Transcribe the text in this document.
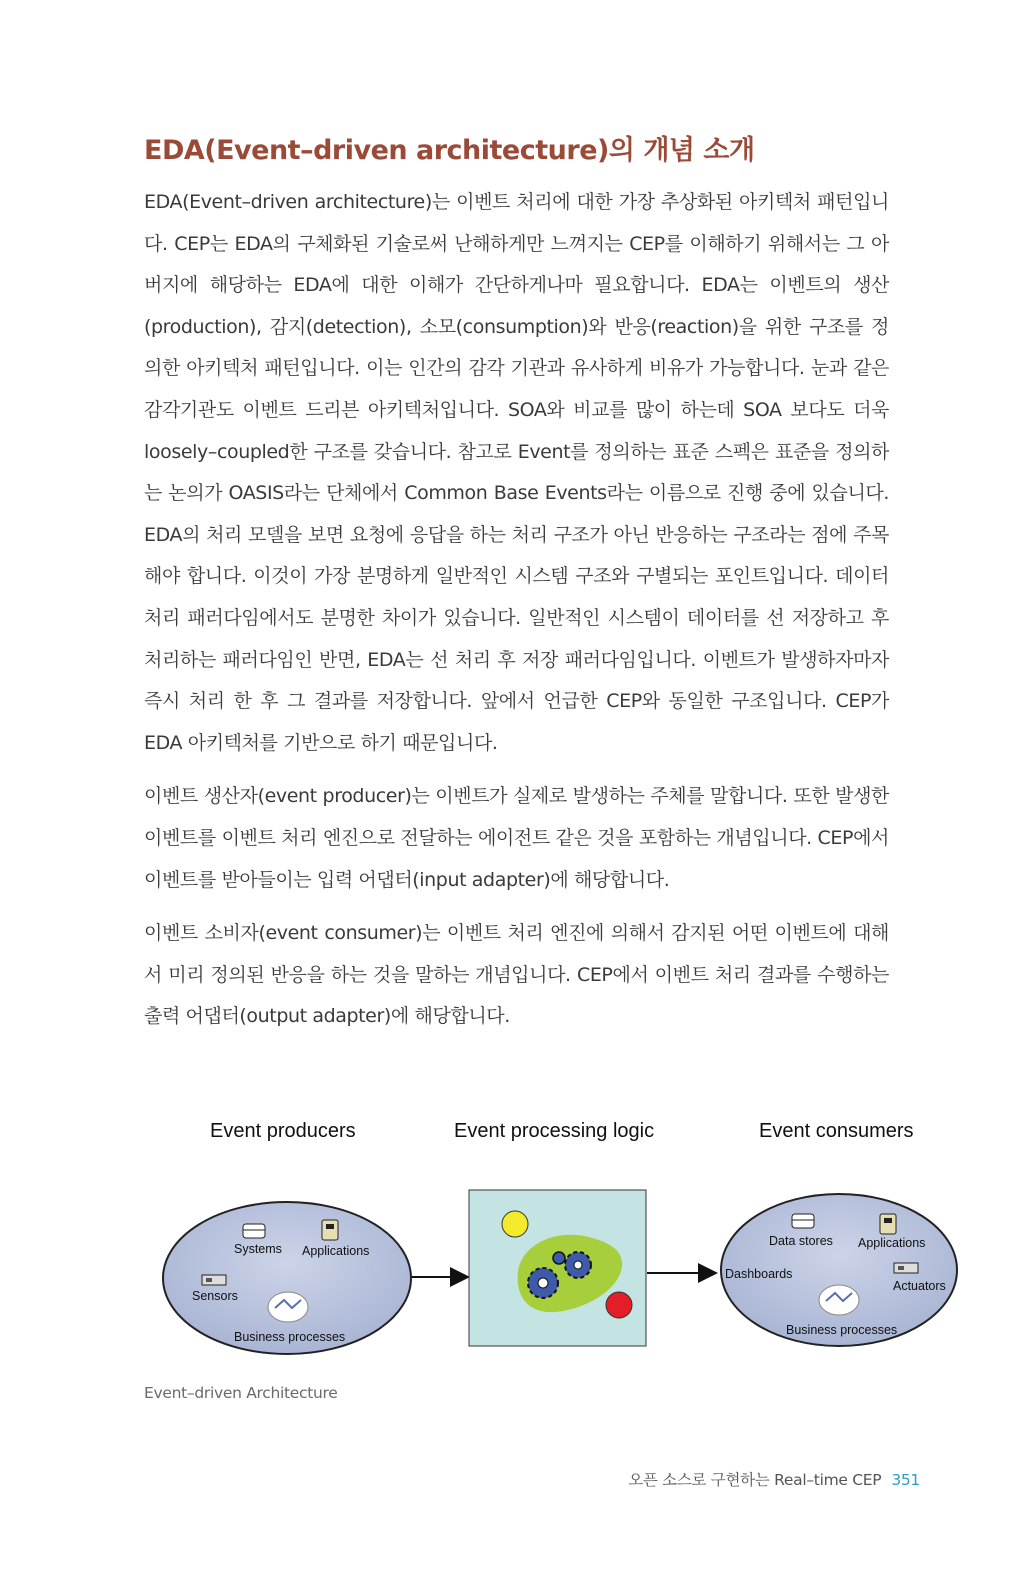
EDA(Event–driven architecture)의 개념 소개

EDA(Event–driven architecture)는 이벤트 처리에 대한 가장 추상화된 아키텍처 패턴입니다. CEP는 EDA의 구체화된 기술로써 난해하게만 느껴지는 CEP를 이해하기 위해서는 그 아버지에 해당하는 EDA에 대한 이해가 간단하게나마 필요합니다. EDA는 이벤트의 생산(production), 감지(detection), 소모(consumption)와 반응(reaction)을 위한 구조를 정의한 아키텍처 패턴입니다. 이는 인간의 감각 기관과 유사하게 비유가 가능합니다. 눈과 같은 감각기관도 이벤트 드리븐 아키텍처입니다. SOA와 비교를 많이 하는데 SOA 보다도 더욱 loosely–coupled한 구조를 갖습니다. 참고로 Event를 정의하는 표준 스펙은 표준을 정의하는 논의가 OASIS라는 단체에서 Common Base Events라는 이름으로 진행 중에 있습니다. EDA의 처리 모델을 보면 요청에 응답을 하는 처리 구조가 아닌 반응하는 구조라는 점에 주목해야 합니다. 이것이 가장 분명하게 일반적인 시스템 구조와 구별되는 포인트입니다. 데이터 처리 패러다임에서도 분명한 차이가 있습니다. 일반적인 시스템이 데이터를 선 저장하고 후 처리하는 패러다임인 반면, EDA는 선 처리 후 저장 패러다임입니다. 이벤트가 발생하자마자 즉시 처리 한 후 그 결과를 저장합니다. 앞에서 언급한 CEP와 동일한 구조입니다. CEP가 EDA 아키텍처를 기반으로 하기 때문입니다.

이벤트 생산자(event producer)는 이벤트가 실제로 발생하는 주체를 말합니다. 또한 발생한 이벤트를 이벤트 처리 엔진으로 전달하는 에이전트 같은 것을 포함하는 개념입니다. CEP에서 이벤트를 받아들이는 입력 어댑터(input adapter)에 해당합니다.

이벤트 소비자(event consumer)는 이벤트 처리 엔진에 의해서 감지된 어떤 이벤트에 대해서 미리 정의된 반응을 하는 것을 말하는 개념입니다. CEP에서 이벤트 처리 결과를 수행하는 출력 어댑터(output adapter)에 해당합니다.

Event producers	Event processing logic	Event consumers
Systems Applications
Sensors
Business processes
Data stores Applications
Dashboards
Actuators
Business processes
Event–driven Architecture
오픈 소스로 구현하는 Real–time CEP 351
